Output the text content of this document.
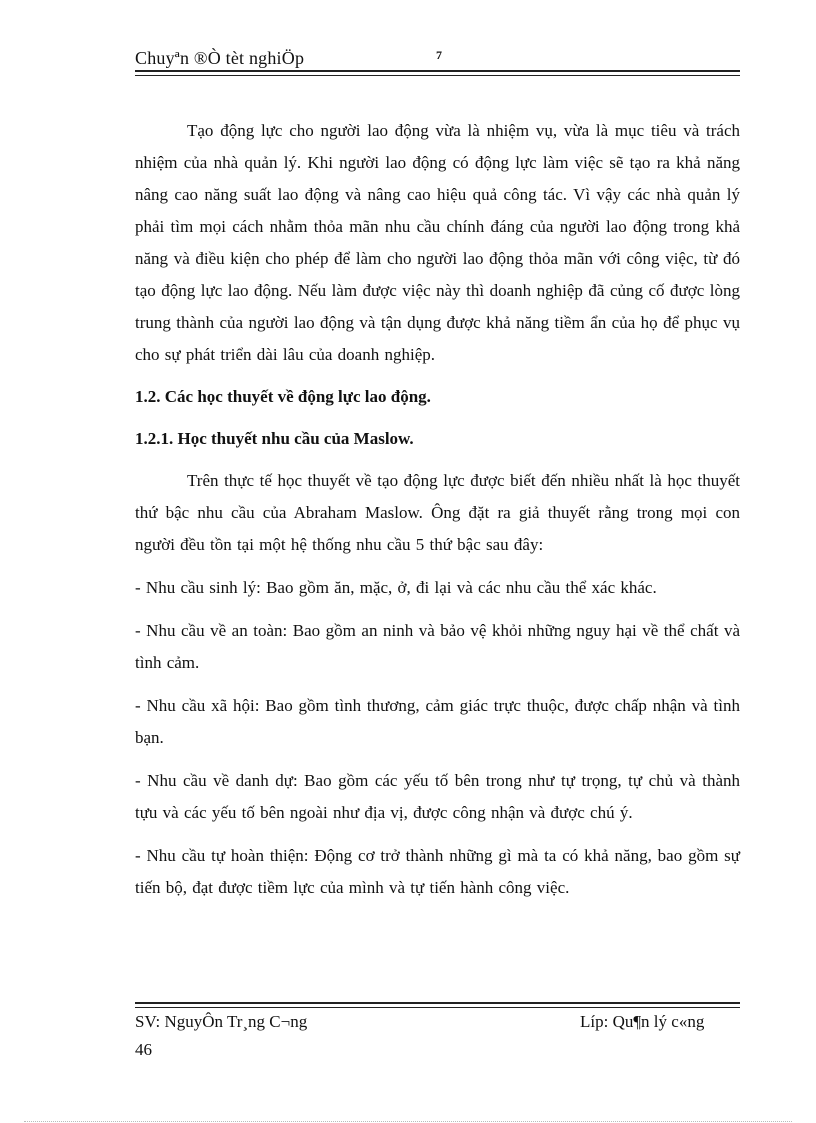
Chuyªn ®Ò tèt nghiÖp	7

Tạo động lực cho người lao động vừa là nhiệm vụ, vừa là mục tiêu và trách nhiệm của nhà quản lý. Khi người lao động có động lực làm việc sẽ tạo ra khả năng nâng cao năng suất lao động và nâng cao hiệu quả công tác. Vì vậy các nhà quản lý phải tìm mọi cách nhằm thỏa mãn nhu cầu chính đáng của người lao động trong khả năng và điều kiện cho phép để làm cho người lao động thỏa mãn với công việc, từ đó tạo động lực lao động. Nếu làm được việc này thì doanh nghiệp đã củng cố được lòng trung thành của người lao động và tận dụng được khả năng tiềm ẩn của họ để phục vụ cho sự phát triển dài lâu của doanh nghiệp.

1.2. Các học thuyết về động lực lao động.
1.2.1. Học thuyết nhu cầu của Maslow.

Trên thực tế học thuyết về tạo động lực được biết đến nhiều nhất là học thuyết thứ bậc nhu cầu của Abraham Maslow. Ông đặt ra giả thuyết rằng trong mọi con người đều tồn tại một hệ thống nhu cầu 5 thứ bậc sau đây:

- Nhu cầu sinh lý: Bao gồm ăn, mặc, ở, đi lại và các nhu cầu thể xác khác.

- Nhu cầu về an toàn: Bao gồm an ninh và bảo vệ khỏi những nguy hại về thể chất và tình cảm.

- Nhu cầu xã hội: Bao gồm tình thương, cảm giác trực thuộc, được chấp nhận và tình bạn.

- Nhu cầu về danh dự: Bao gồm các yếu tố bên trong như tự trọng, tự chủ và thành tựu và các yếu tố bên ngoài như địa vị, được công nhận và được chú ý.

- Nhu cầu tự hoàn thiện: Động cơ trở thành những gì mà ta có khả năng, bao gồm sự tiến bộ, đạt được tiềm lực của mình và tự tiến hành công việc.

SV: NguyÔn Tr¸ng C¬ng	Líp: Qu¶n lý c«ng
46
